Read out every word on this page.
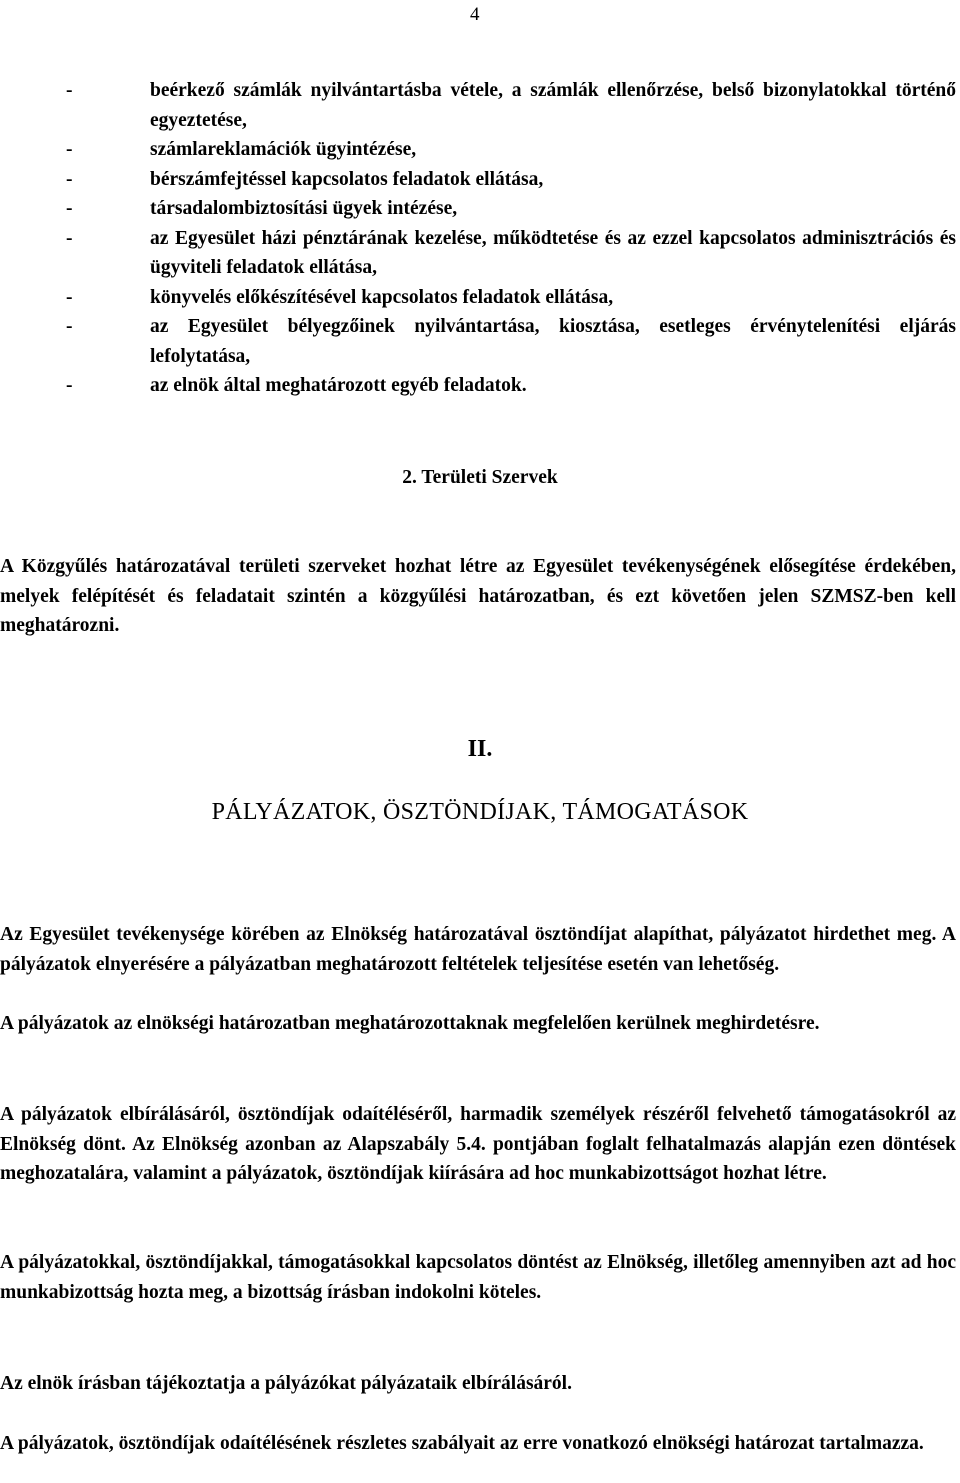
4
-	beérkező számlák nyilvántartásba vétele, a számlák ellenőrzése, belső bizonylatokkal történő egyeztetése,
-	számlareklamációk ügyintézése,
-	bérszámfejtéssel kapcsolatos feladatok ellátása,
-	társadalombiztosítási ügyek intézése,
-	az Egyesület házi pénztárának kezelése, működtetése és az ezzel kapcsolatos adminisztrációs és ügyviteli feladatok ellátása,
-	könyvelés előkészítésével kapcsolatos feladatok ellátása,
-	az Egyesület bélyegzőinek nyilvántartása, kiosztása, esetleges érvénytelenítési eljárás lefolytatása,
-	az elnök által meghatározott egyéb feladatok.
2. Területi Szervek

A Közgyűlés határozatával területi szerveket hozhat létre az Egyesület tevékenységének elősegítése érdekében, melyek felépítését és feladatait szintén a közgyűlési határozatban, és ezt követően jelen SZMSZ-ben kell meghatározni.

II.
PÁLYÁZATOK, ÖSZTÖNDÍJAK, TÁMOGATÁSOK

Az Egyesület tevékenysége körében az Elnökség határozatával ösztöndíjat alapíthat, pályázatot hirdethet meg. A pályázatok elnyerésére a pályázatban meghatározott feltételek teljesítése esetén van lehetőség.

A pályázatok az elnökségi határozatban meghatározottaknak megfelelően kerülnek meghirdetésre.

A pályázatok elbírálásáról, ösztöndíjak odaítéléséről, harmadik személyek részéről felvehető támogatásokról az Elnökség dönt. Az Elnökség azonban az Alapszabály 5.4. pontjában foglalt felhatalmazás alapján ezen döntések meghozatalára, valamint a pályázatok, ösztöndíjak kiírására ad hoc munkabizottságot hozhat létre.

A pályázatokkal, ösztöndíjakkal, támogatásokkal kapcsolatos döntést az Elnökség, illetőleg amennyiben azt ad hoc munkabizottság hozta meg, a bizottság írásban indokolni köteles.

Az elnök írásban tájékoztatja a pályázókat pályázataik elbírálásáról.

A pályázatok, ösztöndíjak odaítélésének részletes szabályait az erre vonatkozó elnökségi határozat tartalmazza.
